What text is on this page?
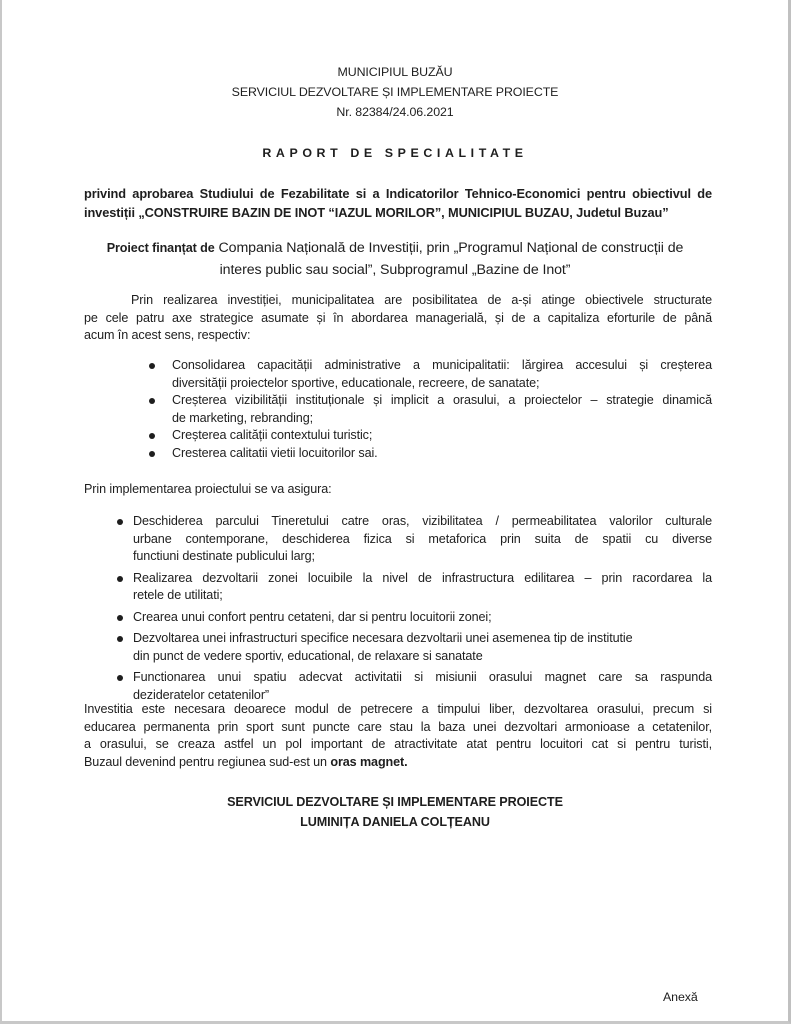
MUNICIPIUL BUZĂU
SERVICIUL DEZVOLTARE ȘI IMPLEMENTARE PROIECTE
Nr. 82384/24.06.2021
RAPORT DE SPECIALITATE
privind aprobarea Studiului de Fezabilitate si a Indicatorilor Tehnico-Economici pentru obiectivul de
investiții „CONSTRUIRE BAZIN DE INOT “IAZUL MORILOR”, MUNICIPIUL BUZAU, Judetul Buzau”
Proiect finanțat de Compania Națională de Investiții, prin „Programul Național de construcții de
interes public sau social”, Subprogramul „Bazine de Inot”
Prin realizarea investiției, municipalitatea are posibilitatea de a-și atinge obiectivele structurate
pe cele patru axe strategice asumate și în abordarea managerială, și de a capitaliza eforturile de până
acum în acest sens, respectiv:
Consolidarea capacității administrative a municipalitatii: lărgirea accesului și creșterea
diversității proiectelor sportive, educationale, recreere, de sanatate;
Creșterea vizibilității instituționale și implicit a orasului, a proiectelor – strategie dinamică
de marketing, rebranding;
Creșterea calității contextului turistic;
Cresterea calitatii vietii locuitorilor sai.
Prin implementarea proiectului se va asigura:
Deschiderea parcului Tineretului catre oras, vizibilitatea / permeabilitatea valorilor culturale
urbane contemporane, deschiderea fizica si metaforica prin suita de spatii cu diverse
functiuni destinate publicului larg;
Realizarea dezvoltarii zonei locuibile la nivel de infrastructura edilitarea – prin racordarea la
retele de utilitati;
Crearea unui confort pentru cetateni, dar si pentru locuitorii zonei;
Dezvoltarea unei infrastructuri specifice necesara dezvoltarii unei asemenea tip de institutie
din punct de vedere sportiv, educational, de relaxare si sanatate
Functionarea unui spatiu adecvat activitatii si misiunii orasului magnet care sa raspunda
dezideratelor cetatenilor”
Investitia este necesara deoarece modul de petrecere a timpului liber, dezvoltarea orasului, precum si
educarea permanenta prin sport sunt puncte care stau la baza unei dezvoltari armonioase a cetatenilor,
a orasului, se creaza astfel un pol important de atractivitate atat pentru locuitori cat si pentru turisti,
Buzaul devenind pentru regiunea sud-est un oras magnet.
SERVICIUL DEZVOLTARE ȘI IMPLEMENTARE PROIECTE
LUMINIȚA DANIELA COLȚEANU
Anexă
